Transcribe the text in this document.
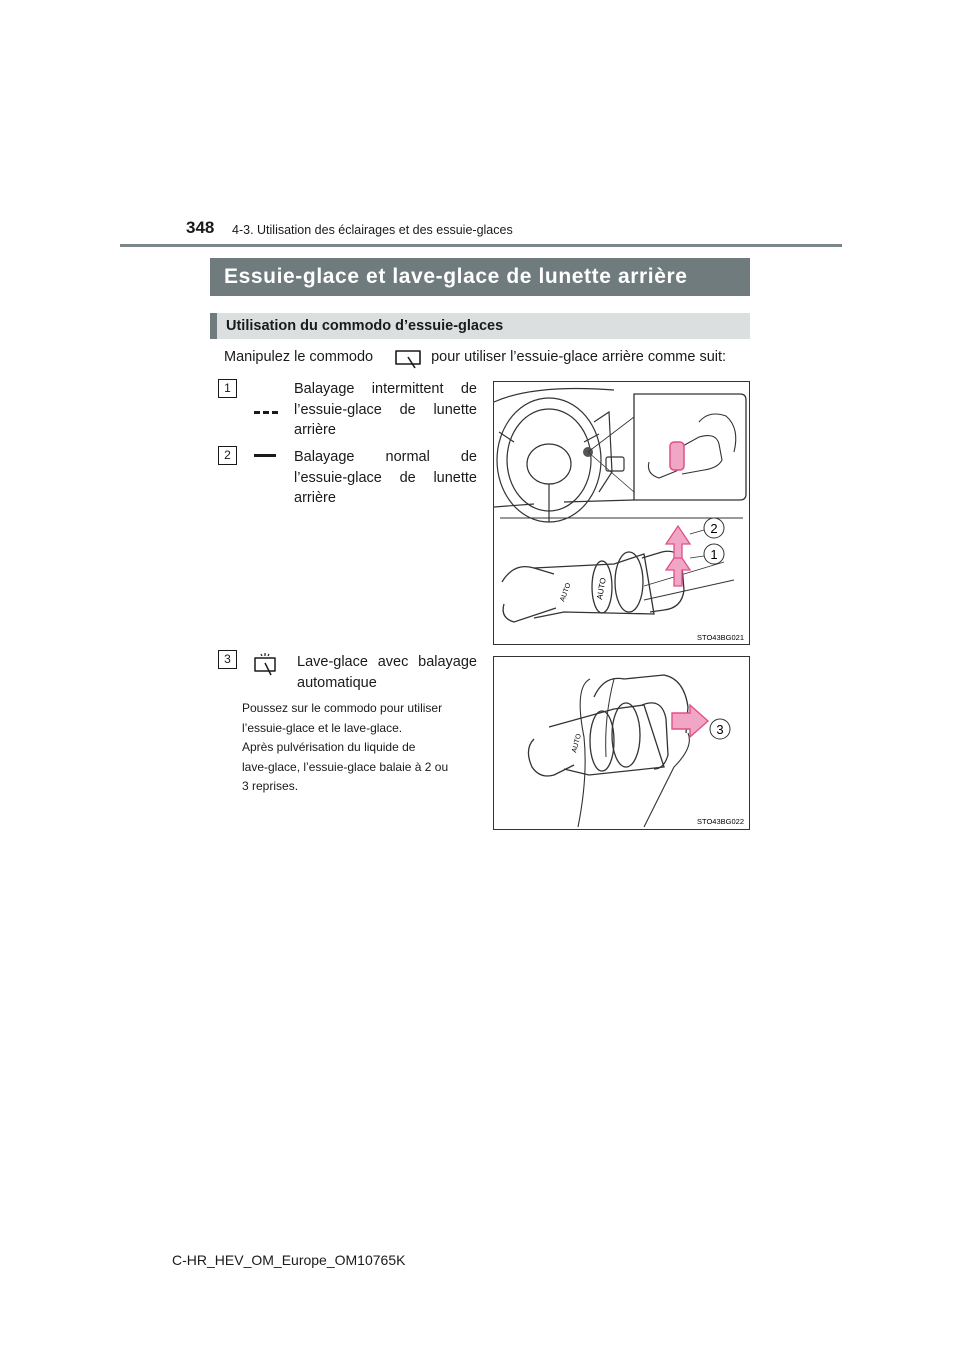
348 4-3. Utilisation des éclairages et des essuie-glaces
Essuie-glace et lave-glace de lunette arrière
Utilisation du commodo d’essuie-glaces
Manipulez le commodo	pour utiliser l’essuie-glace arrière comme suit:
1	Balayage intermittent de
l’essuie-glace de lunette
arrière
2	Balayage normal de
l’essuie-glace de lunette
arrière
AUTO	AUTO
2
1
STO43BG021
3	Lave-glace avec balayage
automatique
Poussez sur le commodo pour utiliser
l’essuie-glace et le lave-glace.
Après pulvérisation du liquide de
lave-glace, l’essuie-glace balaie à 2 ou
3 reprises.
AUTO
3
STO43BG022
C-HR_HEV_OM_Europe_OM10765K
